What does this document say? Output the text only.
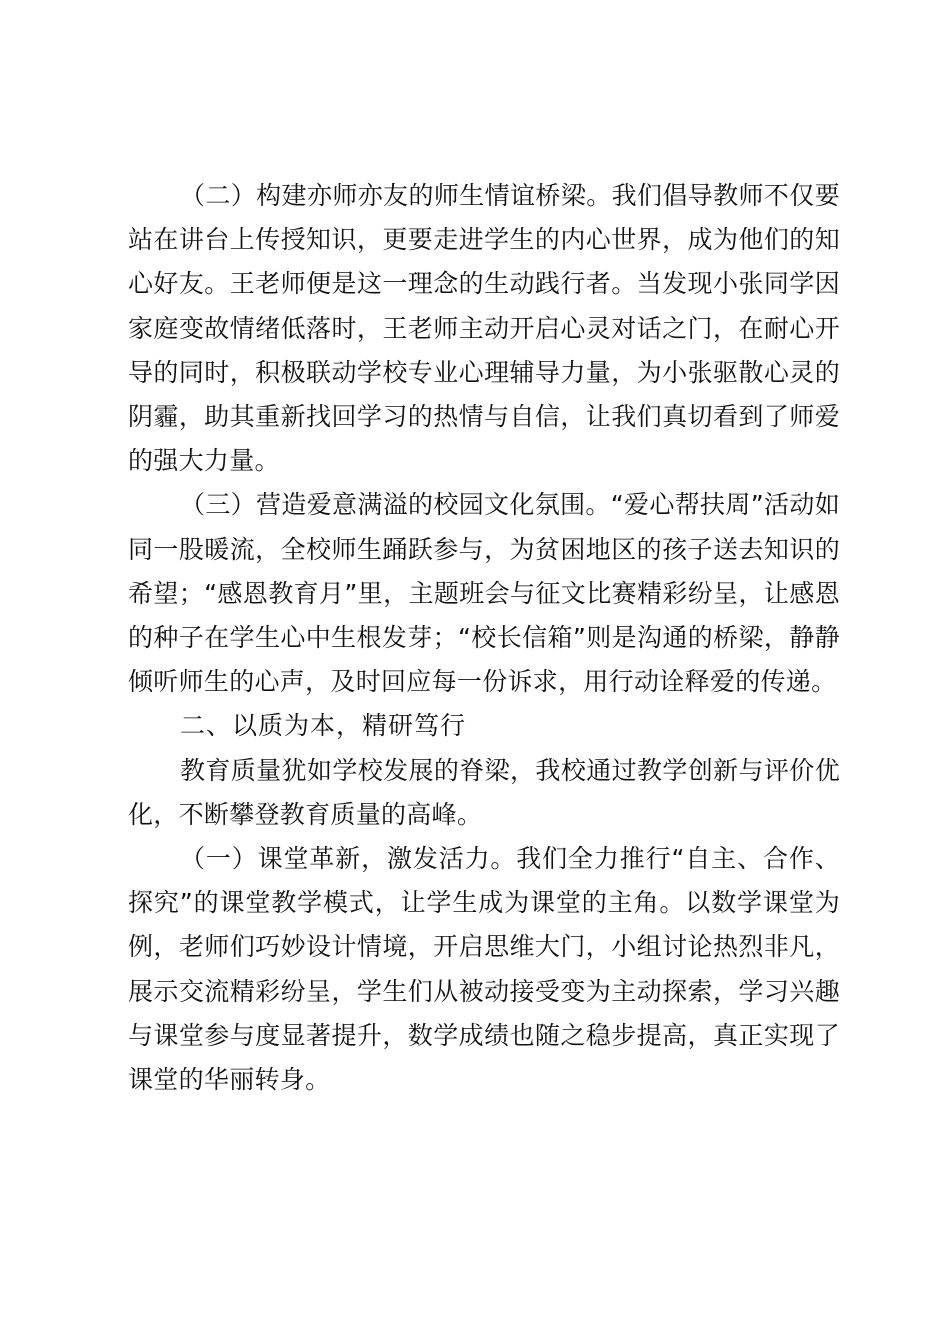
（二）构建亦师亦友的师生情谊桥梁。我们倡导教师不仅要站在讲台上传授知识，更要走进学生的内心世界，成为他们的知心好友。王老师便是这一理念的生动践行者。当发现小张同学因家庭变故情绪低落时，王老师主动开启心灵对话之门，在耐心开导的同时，积极联动学校专业心理辅导力量，为小张驱散心灵的阴霾，助其重新找回学习的热情与自信，让我们真切看到了师爱的强大力量。

（三）营造爱意满溢的校园文化氛围。“爱心帮扶周”活动如同一股暖流，全校师生踊跃参与，为贫困地区的孩子送去知识的希望；“感恩教育月”里，主题班会与征文比赛精彩纷呈，让感恩的种子在学生心中生根发芽；“校长信箱”则是沟通的桥梁，静静倾听师生的心声，及时回应每一份诉求，用行动诠释爱的传递。

二、以质为本，精研笃行

教育质量犹如学校发展的脊梁，我校通过教学创新与评价优化，不断攀登教育质量的高峰。

（一）课堂革新，激发活力。我们全力推行“自主、合作、探究”的课堂教学模式，让学生成为课堂的主角。以数学课堂为例，老师们巧妙设计情境，开启思维大门，小组讨论热烈非凡，展示交流精彩纷呈，学生们从被动接受变为主动探索，学习兴趣与课堂参与度显著提升，数学成绩也随之稳步提高，真正实现了课堂的华丽转身。
